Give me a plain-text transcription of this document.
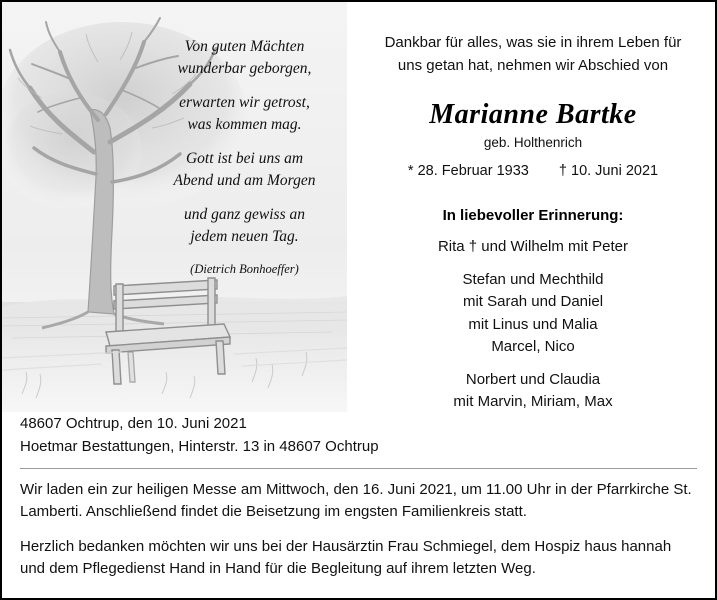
Von guten Mächten
wunderbar geborgen,
erwarten wir getrost,
was kommen mag.
Gott ist bei uns am
Abend und am Morgen
und ganz gewiss an
jedem neuen Tag.
(Dietrich Bonhoeffer)
Dankbar für alles, was sie in ihrem Leben für
uns getan hat, nehmen wir Abschied von
Marianne Bartke
geb. Holthenrich
* 28. Februar 1933 † 10. Juni 2021
In liebevoller Erinnerung:
Rita † und Wilhelm mit Peter
Stefan und Mechthild
mit Sarah und Daniel
mit Linus und Malia
Marcel, Nico
Norbert und Claudia
mit Marvin, Miriam, Max
48607 Ochtrup, den 10. Juni 2021
Hoetmar Bestattungen, Hinterstr. 13 in 48607 Ochtrup
Wir laden ein zur heiligen Messe am Mittwoch, den 16. Juni 2021, um 11.00 Uhr in der Pfarrkirche St. Lamberti. Anschließend findet die Beisetzung im engsten Familienkreis statt.
Herzlich bedanken möchten wir uns bei der Hausärztin Frau Schmiegel, dem Hospiz haus hannah und dem Pflegedienst Hand in Hand für die Begleitung auf ihrem letzten Weg.
